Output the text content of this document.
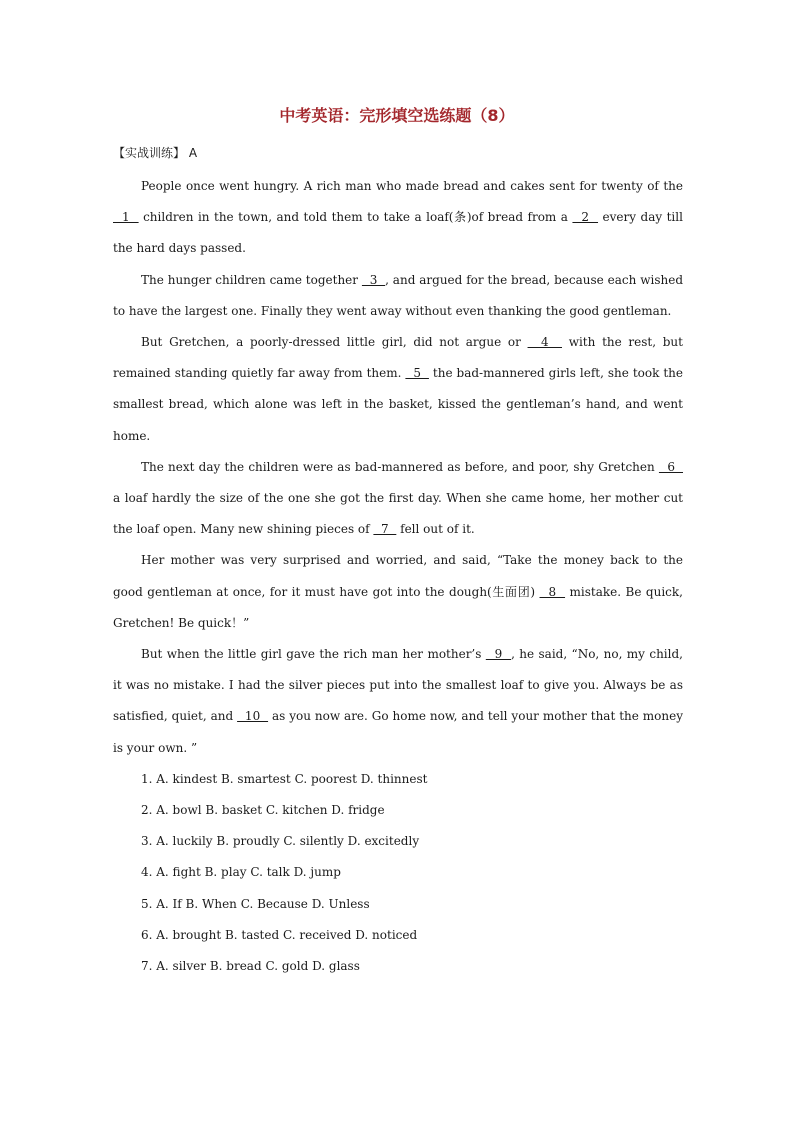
中考英语：完形填空选练题（8）
【实战训练】 A

People once went hungry. A rich man who made bread and cakes sent for twenty of the   1   children in the town, and told them to take a loaf(条)of bread from a   2   every day till the hard days passed.

The hunger children came together   3  , and argued for the bread, because each wished to have the largest one. Finally they went away without even thanking the good gentleman.

But Gretchen, a poorly-dressed little girl, did not argue or   4   with the rest, but remained standing quietly far away from them.   5   the bad-mannered girls left, she took the smallest bread, which alone was left in the basket, kissed the gentleman’s hand, and went home.

The next day the children were as bad-mannered as before, and poor, shy Gretchen   6   a loaf hardly the size of the one she got the first day. When she came home, her mother cut the loaf open. Many new shining pieces of   7   fell out of it.

Her mother was very surprised and worried, and said, “Take the money back to the good gentleman at once, for it must have got into the dough(生面团)   8   mistake. Be quick, Gretchen! Be quick！”

But when the little girl gave the rich man her mother’s   9  , he said, “No, no, my child, it was no mistake. I had the silver pieces put into the smallest loaf to give you. Always be as satisfied, quiet, and   10   as you now are. Go home now, and tell your mother that the money is your own. ”

1. A. kindest B. smartest C. poorest D. thinnest

2. A. bowl B. basket C. kitchen D. fridge

3. A. luckily B. proudly C. silently D. excitedly

4. A. fight B. play C. talk D. jump

5. A. If B. When C. Because D. Unless

6. A. brought B. tasted C. received D. noticed

7. A. silver B. bread C. gold D. glass
